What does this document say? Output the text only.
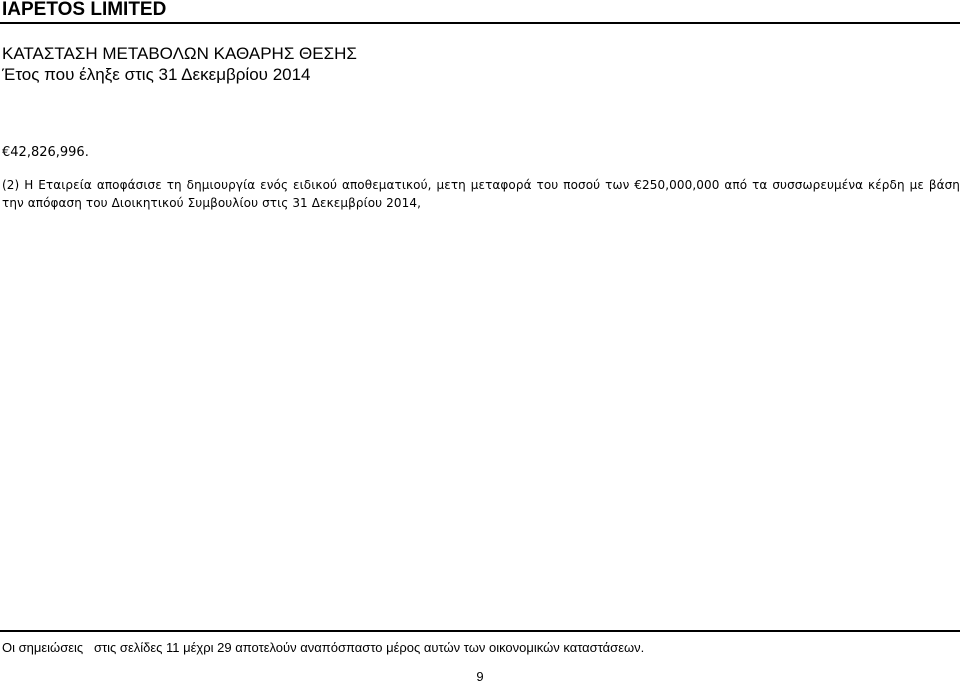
IAPETOS LIMITED
ΚΑΤΑΣΤΑΣΗ ΜΕΤΑΒΟΛΩΝ ΚΑΘΑΡΗΣ ΘΕΣΗΣ
Έτος που έληξε στις 31 Δεκεμβρίου 2014
€42,826,996.
(2) Η Εταιρεία αποφάσισε τη δημιουργία ενός ειδικού αποθεματικού, μετη μεταφορά του ποσού των €250,000,000 από τα συσσωρευμένα κέρδη με βάση την απόφαση του Διοικητικού Συμβουλίου στις 31 Δεκεμβρίου 2014,
Οι σημειώσεις   στις σελίδες 11 μέχρι 29 αποτελούν αναπόσπαστο μέρος αυτών των οικονομικών καταστάσεων.
9
